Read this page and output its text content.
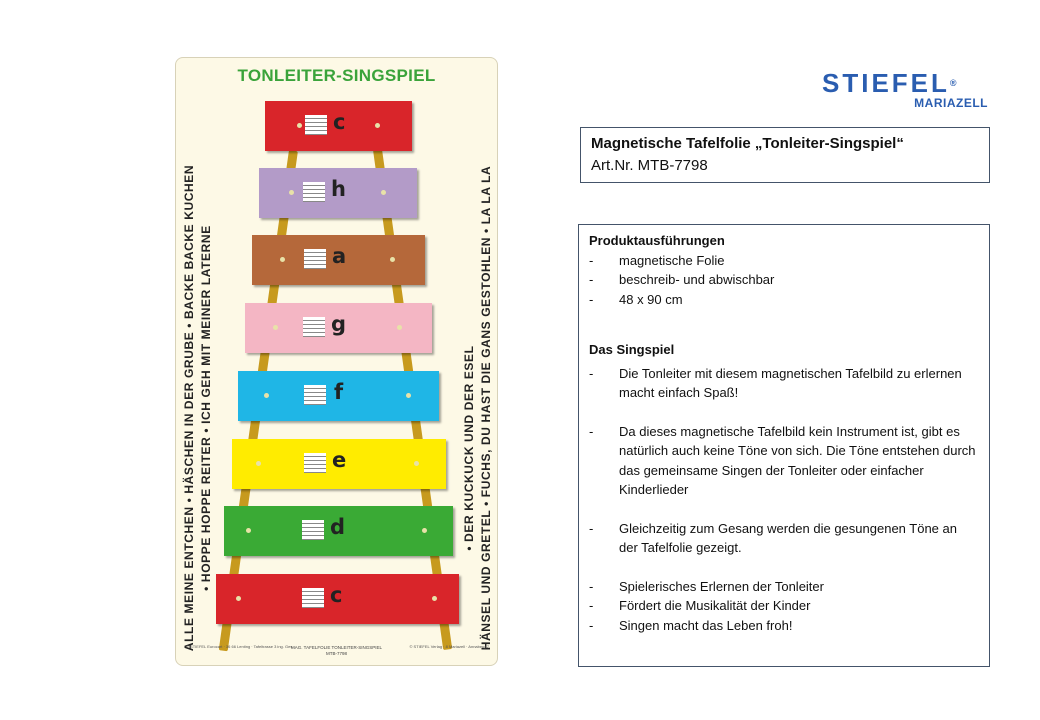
TONLEITER-SINGSPIEL
ALLE MEINE ENTCHEN • HÄSCHEN IN DER GRUBE • BACKE BACKE KUCHEN • HOPPE HOPPE REITER • ICH GEH MIT MEINER LATERNE	• DER KUCKUCK UND DER ESEL HÄNSEL UND GRETEL • FUCHS, DU HAST DIE GANS GESTOHLEN • LA LA LA
c
h
a
g
f
e
d
c
© STIEFEL Eurocart · 36 66 Lenting · Tafeltrasse 3 ing. Ges.
MAG. TAFELFOLIE TONLEITER-SINGSPIEL
MTB-7798
© STIEFEL Verlag · 8 Mariazell · Annaberg 7
STIEFEL®
MARIAZELL
Magnetische Tafelfolie „Tonleiter-Singspiel“
Art.Nr. MTB-7798
Produktausführungen
- magnetische Folie
- beschreib- und abwischbar
- 48 x 90 cm
Das Singspiel
- Die Tonleiter mit diesem magnetischen Tafelbild zu erlernen macht einfach Spaß!
- Da dieses magnetische Tafelbild kein Instrument ist, gibt es natürlich auch keine Töne von sich. Die Töne entstehen durch das gemeinsame Singen der Tonleiter oder einfacher Kinderlieder
- Gleichzeitig zum Gesang werden die gesungenen Töne an der Tafelfolie gezeigt.
- Spielerisches Erlernen der Tonleiter
- Fördert die Musikalität der Kinder
- Singen macht das Leben froh!
